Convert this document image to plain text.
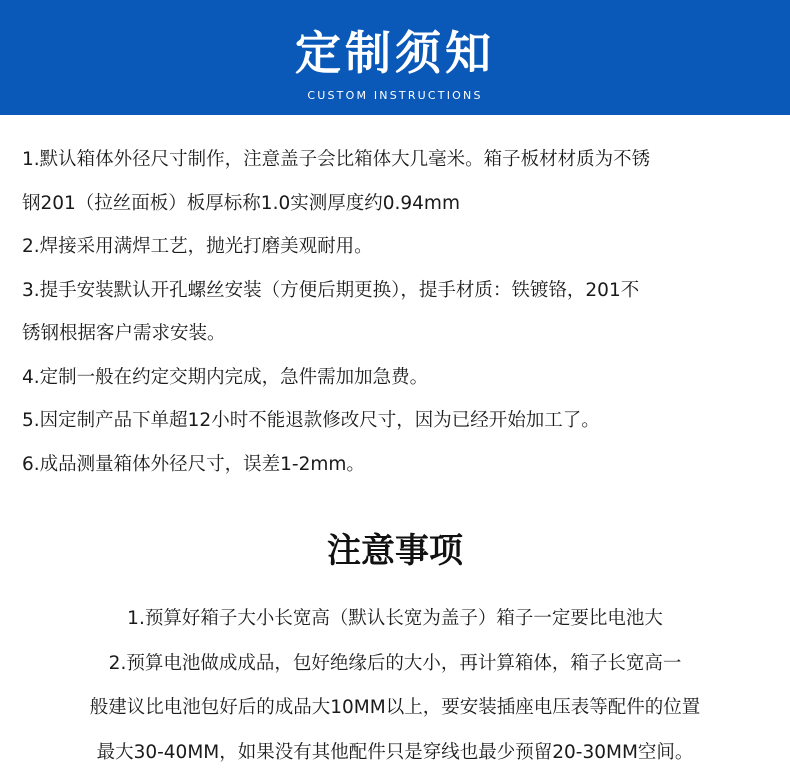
定制须知
CUSTOM INSTRUCTIONS
1.默认箱体外径尺寸制作，注意盖子会比箱体大几毫米。箱子板材材质为不锈
钢201（拉丝面板）板厚标称1.0实测厚度约0.94mm
2.焊接采用满焊工艺，抛光打磨美观耐用。
3.提手安装默认开孔螺丝安装（方便后期更换），提手材质：铁镀铬，201不
锈钢根据客户需求安装。
4.定制一般在约定交期内完成，急件需加加急费。
5.因定制产品下单超12小时不能退款修改尺寸，因为已经开始加工了。
6.成品测量箱体外径尺寸，误差1-2mm。
注意事项
1.预算好箱子大小长宽高（默认长宽为盖子）箱子一定要比电池大
2.预算电池做成成品，包好绝缘后的大小，再计算箱体，箱子长宽高一
般建议比电池包好后的成品大10MM以上，要安装插座电压表等配件的位置
最大30-40MM，如果没有其他配件只是穿线也最少预留20-30MM空间。
